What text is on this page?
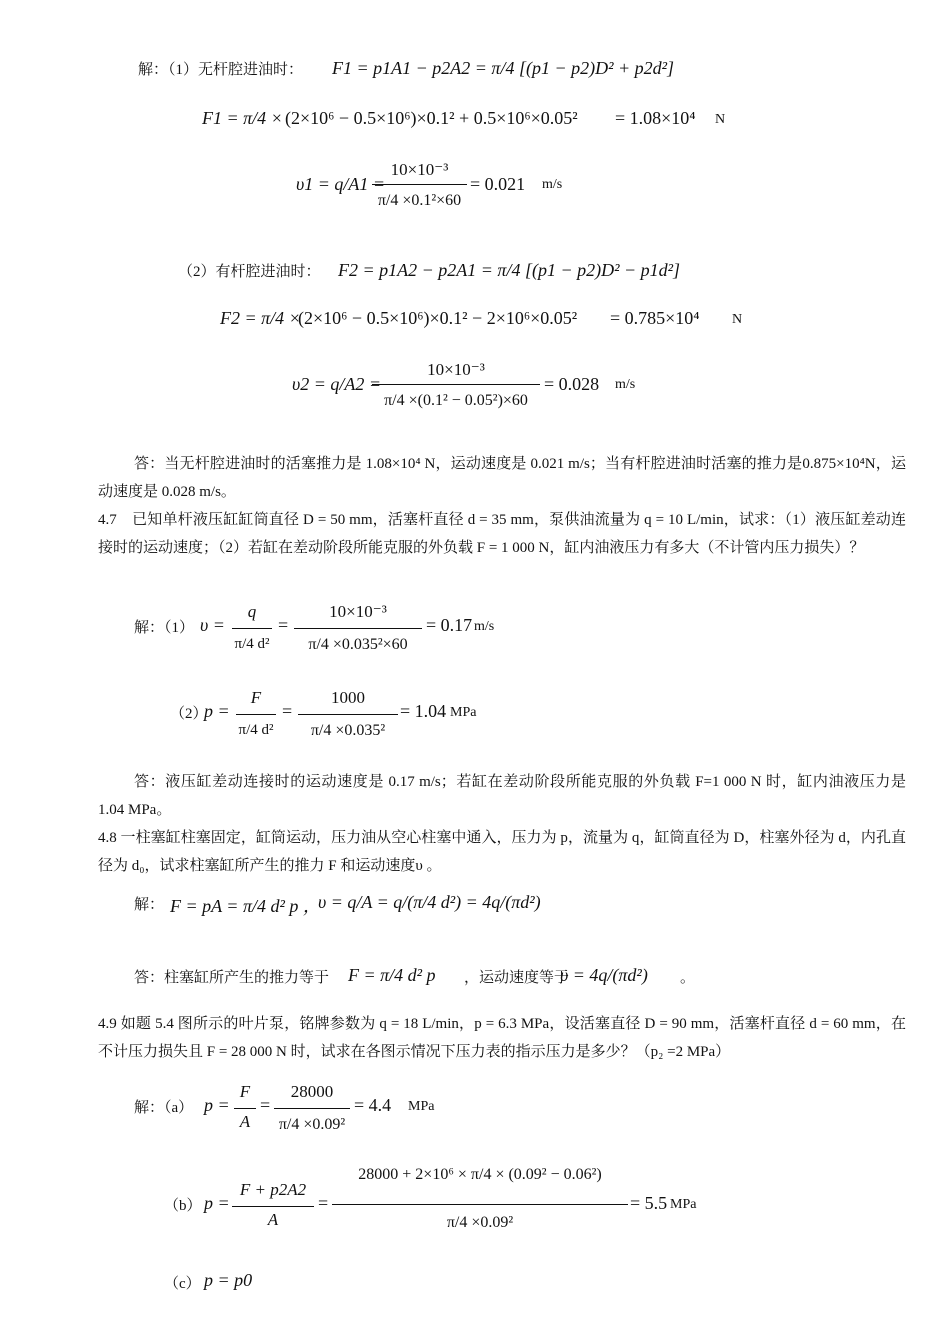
解：（1）无杆腔进油时： F1 = p1A1 − p2A2 = π/4 [(p1 − p2)D² + p2d²]
F1 = π/4 × (2×10⁶ − 0.5×10⁶)×0.1² + 0.5×10⁶×0.05² = 1.08×10⁴ N
υ1 = q/A1 =
10×10⁻³
π/4 ×0.1²×60
= 0.021 m/s
（2）有杆腔进油时： F2 = p1A2 − p2A1 = π/4 [(p1 − p2)D² − p1d²]
F2 = π/4 ×
(2×10⁶ − 0.5×10⁶)×0.1² − 2×10⁶×0.05² = 0.785×10⁴ N
υ2 = q/A2 =
10×10⁻³
π/4 ×(0.1² − 0.05²)×60
= 0.028 m/s
答：当无杆腔进油时的活塞推力是 1.08×10⁴ N，运动速度是 0.021 m/s；当有杆腔进油时活塞的推力是0.875×10⁴N，运动速度是 0.028 m/s。
4.7　已知单杆液压缸缸筒直径 D = 50 mm，活塞杆直径 d = 35 mm，泵供油流量为 q = 10 L/min，试求：（1）液压缸差动连接时的运动速度；（2）若缸在差动阶段所能克服的外负载 F = 1 000 N，缸内油液压力有多大（不计管内压力损失）？
解：（1） υ =
q
π/4 d²
=
10×10⁻³
π/4 ×0.035²×60
= 0.17 m/s
（2）
p =
F
π/4 d²
=
1000
π/4 ×0.035²
= 1.04 MPa
答：液压缸差动连接时的运动速度是 0.17 m/s；若缸在差动阶段所能克服的外负载 F=1 000 N 时，缸内油液压力是 1.04 MPa。
4.8 一柱塞缸柱塞固定，缸筒运动，压力油从空心柱塞中通入，压力为 p，流量为 q，缸筒直径为 D，柱塞外径为 d，内孔直径为 d₀，试求柱塞缸所产生的推力 F 和运动速度υ 。
解： F = pA = π/4 d² p ，
υ = q/A = q/(π/4 d²) = 4q/(πd²)
答：柱塞缸所产生的推力等于 F = π/4 d² p ，运动速度等于
υ = 4q/(πd²) 。
4.9 如题 5.4 图所示的叶片泵，铭牌参数为 q = 18 L/min，p = 6.3 MPa，设活塞直径 D = 90 mm，活塞杆直径 d = 60 mm，在不计压力损失且 F = 28 000 N 时，试求在各图示情况下压力表的指示压力是多少？（p₂ =2 MPa）
解：（a） p =
F
A
=
28000
π/4 ×0.09²
= 4.4 MPa
（b） p =
F + p2A2
A
=
28000 + 2×10⁶ × π/4 × (0.09² − 0.06²)
π/4 ×0.09²
= 5.5 MPa
（c） p = p0
